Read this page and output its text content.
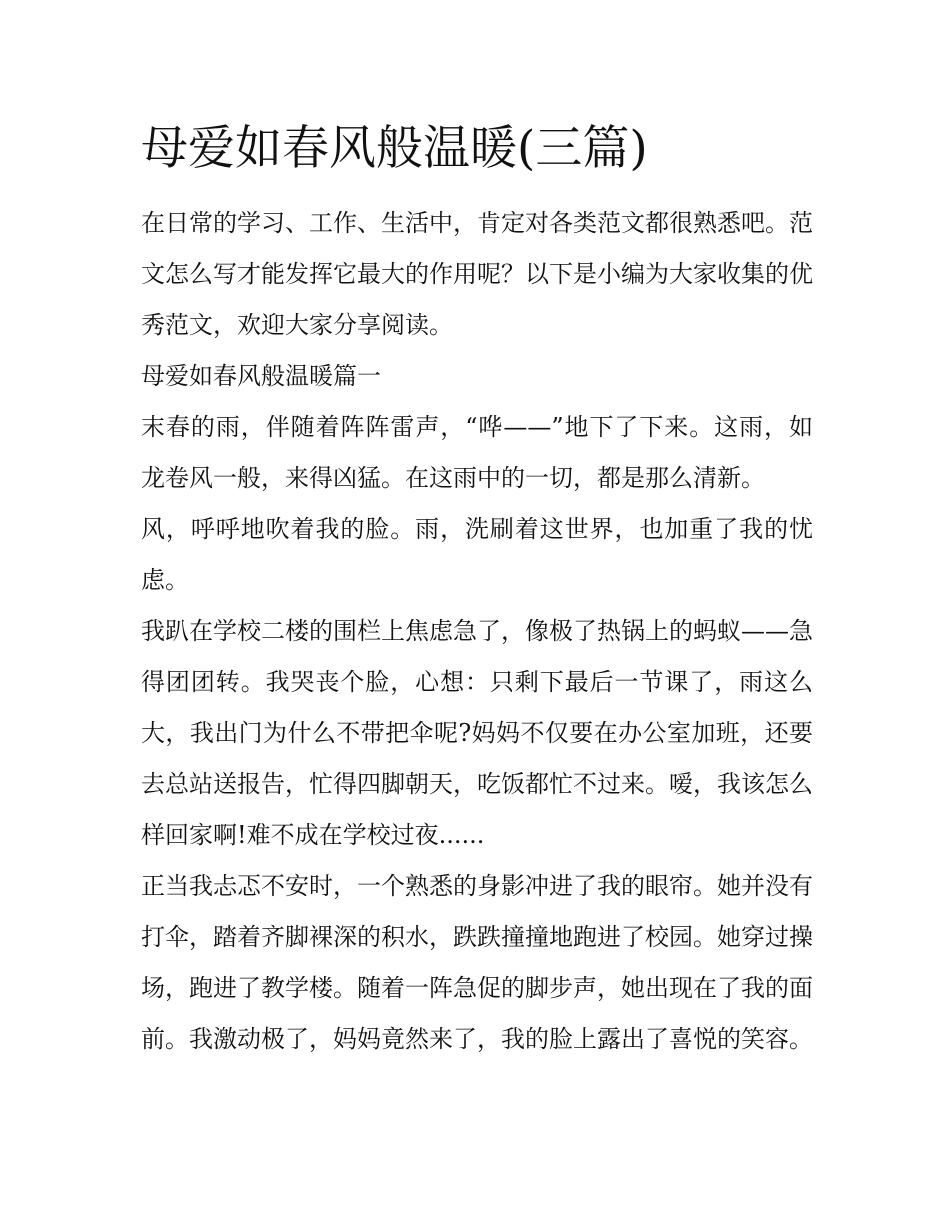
母爱如春风般温暖(三篇)

在日常的学习、工作、生活中，肯定对各类范文都很熟悉吧。范文怎么写才能发挥它最大的作用呢？以下是小编为大家收集的优秀范文，欢迎大家分享阅读。

母爱如春风般温暖篇一

末春的雨，伴随着阵阵雷声，“哗——”地下了下来。这雨，如龙卷风一般，来得凶猛。在这雨中的一切，都是那么清新。

风，呼呼地吹着我的脸。雨，洗刷着这世界，也加重了我的忧虑。

我趴在学校二楼的围栏上焦虑急了，像极了热锅上的蚂蚁——急得团团转。我哭丧个脸，心想：只剩下最后一节课了，雨这么大，我出门为什么不带把伞呢?妈妈不仅要在办公室加班，还要去总站送报告，忙得四脚朝天，吃饭都忙不过来。嗳，我该怎么样回家啊!难不成在学校过夜......

正当我忐忑不安时，一个熟悉的身影冲进了我的眼帘。她并没有打伞，踏着齐脚裸深的积水，跌跌撞撞地跑进了校园。她穿过操场，跑进了教学楼。随着一阵急促的脚步声，她出现在了我的面前。我激动极了，妈妈竟然来了，我的脸上露出了喜悦的笑容。
